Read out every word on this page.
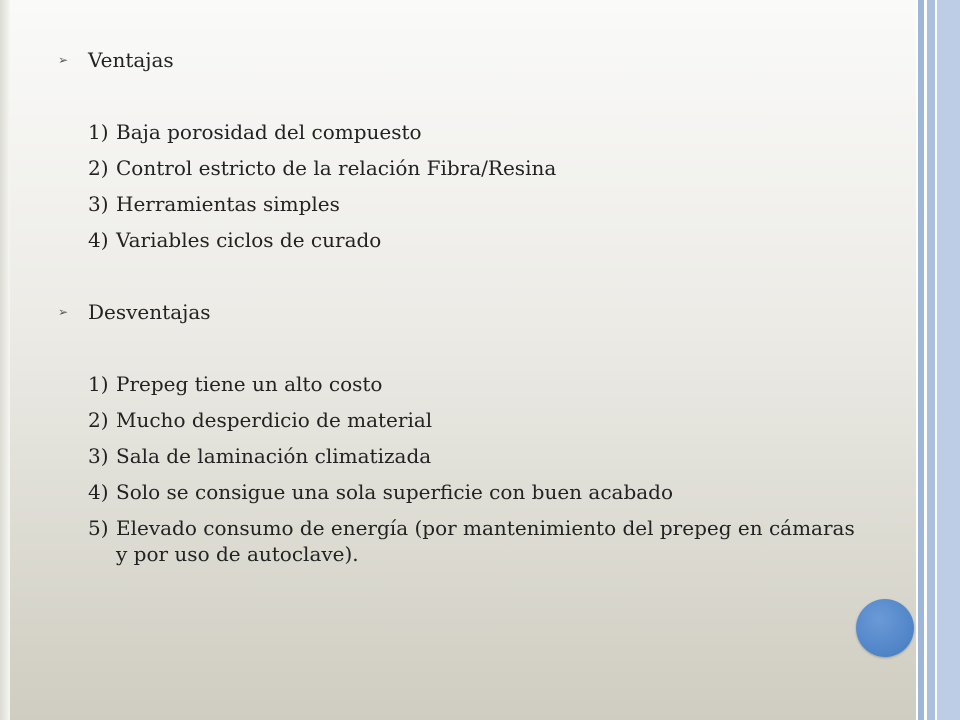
➢ Ventajas
1) Baja porosidad del compuesto
2) Control estricto de la relación Fibra/Resina
3) Herramientas simples
4) Variables ciclos de curado
➢ Desventajas
1) Prepeg tiene un alto costo
2) Mucho desperdicio de material
3) Sala de laminación climatizada
4) Solo se consigue una sola superficie con buen acabado
5) Elevado consumo de energía (por mantenimiento del prepeg en cámaras y por uso de autoclave).
